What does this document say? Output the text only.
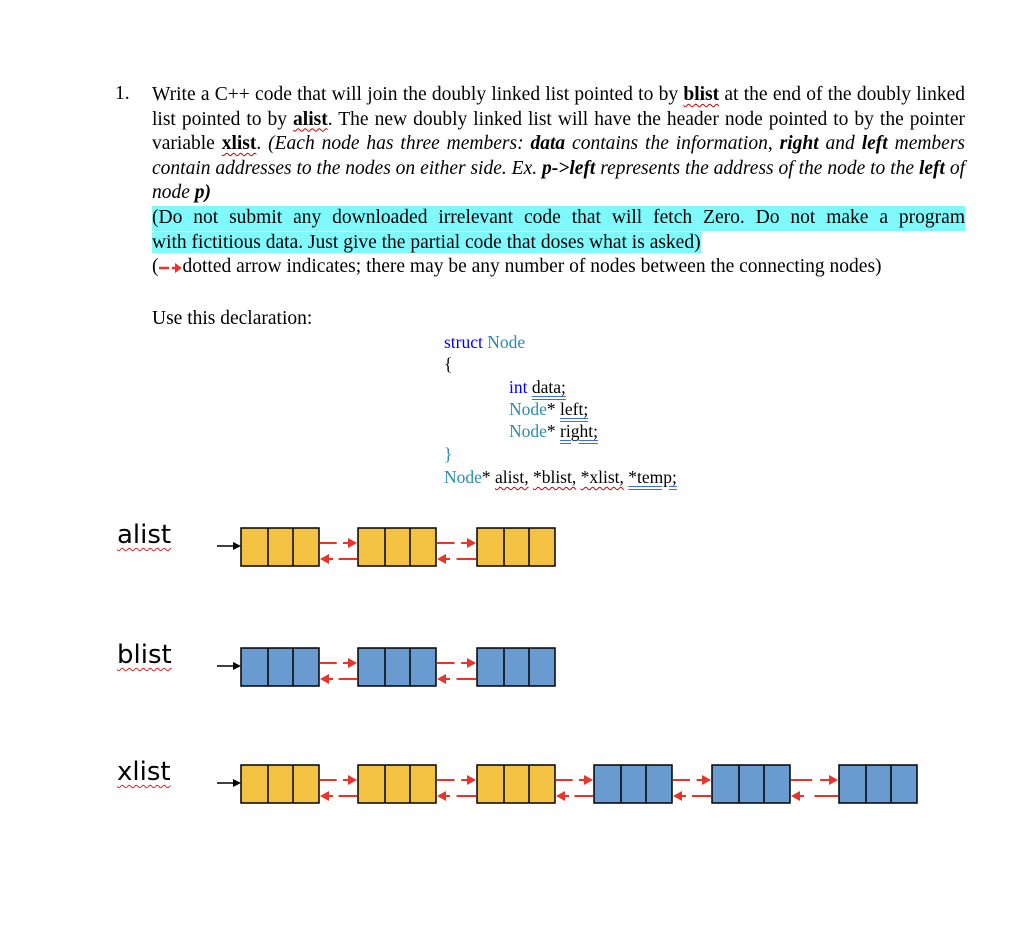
1. Write a C++ code that will join the doubly linked list pointed to by blist at the end of the doubly linked list pointed to by alist. The new doubly linked list will have the header node pointed to by the pointer variable xlist. (Each node has three members: data contains the information, right and left members contain addresses to the nodes on either side. Ex. p->left represents the address of the node to the left of node p)

(Do not submit any downloaded irrelevant code that will fetch Zero. Do not make a program
with fictitious data. Just give the partial code that doses what is asked)
( dotted arrow indicates; there may be any number of nodes between the connecting nodes)
Use this declaration:
struct Node
{
int data;
Node* left;
Node* right;
}
Node* alist, *blist, *xlist, *temp;
alist
blist
xlist
